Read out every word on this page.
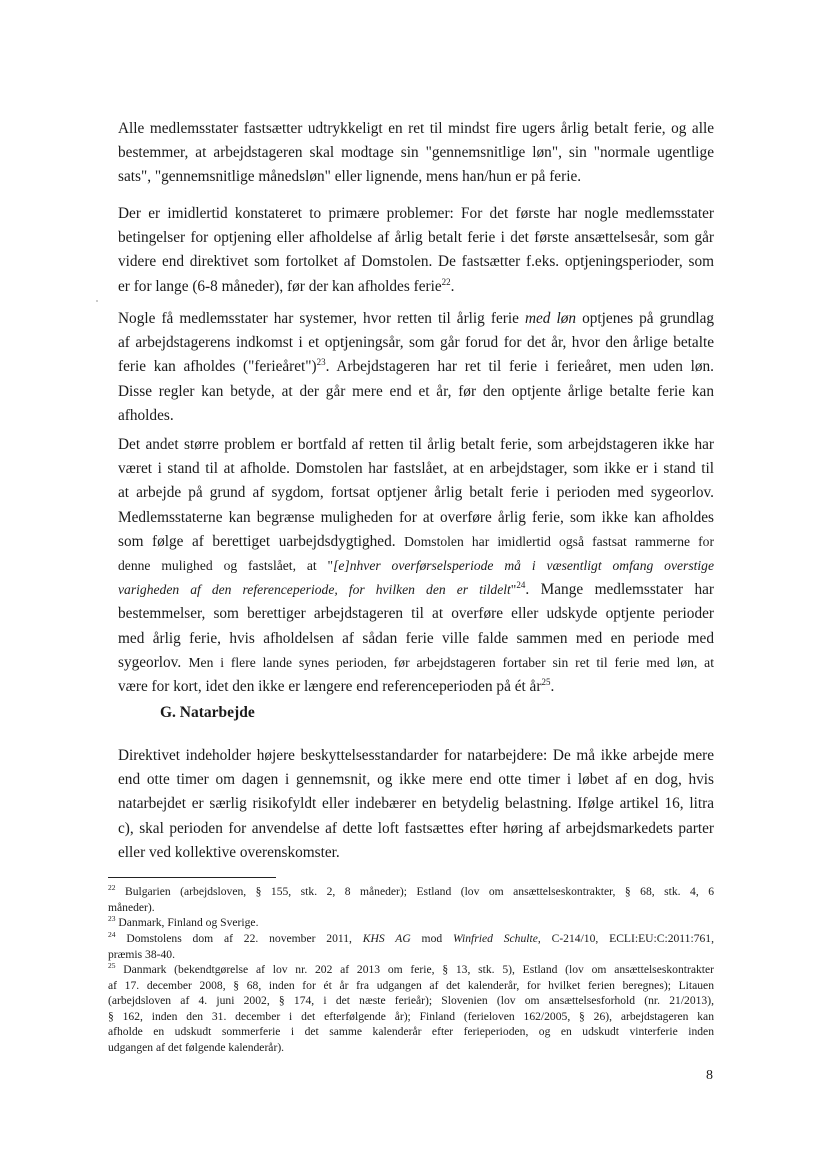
Alle medlemsstater fastsætter udtrykkeligt en ret til mindst fire ugers årlig betalt ferie, og alle
bestemmer, at arbejdstageren skal modtage sin "gennemsnitlige løn", sin "normale ugentlige
sats", "gennemsnitlige månedsløn" eller lignende, mens han/hun er på ferie.
Der er imidlertid konstateret to primære problemer: For det første har nogle medlemsstater
betingelser for optjening eller afholdelse af årlig betalt ferie i det første ansættelsesår, som går
videre end direktivet som fortolket af Domstolen. De fastsætter f.eks. optjeningsperioder, som
er for lange (6-8 måneder), før der kan afholdes ferie$^{22}$.
Nogle få medlemsstater har systemer, hvor retten til årlig ferie med løn optjenes på grundlag
af arbejdstagerens indkomst i et optjeningsår, som går forud for det år, hvor den årlige betalte
ferie kan afholdes ("ferieåret")$^{23}$. Arbejdstageren har ret til ferie i ferieåret, men uden løn.
Disse regler kan betyde, at der går mere end et år, før den optjente årlige betalte ferie kan
afholdes.
Det andet større problem er bortfald af retten til årlig betalt ferie, som arbejdstageren ikke har
været i stand til at afholde. Domstolen har fastslået, at en arbejdstager, som ikke er i stand til
at arbejde på grund af sygdom, fortsat optjener årlig betalt ferie i perioden med sygeorlov.
Medlemsstaterne kan begrænse muligheden for at overføre årlig ferie, som ikke kan afholdes
som følge af berettiget uarbejdsdygtighed. Domstolen har imidlertid også fastsat rammerne for
denne mulighed og fastslået, at "[e]nhver overførselsperiode må i væsentligt omfang overstige
varigheden af den referenceperiode, for hvilken den er tildelt"$^{24}$. Mange medlemsstater har
bestemmelser, som berettiger arbejdstageren til at overføre eller udskyde optjente perioder
med årlig ferie, hvis afholdelsen af sådan ferie ville falde sammen med en periode med
sygeorlov. Men i flere lande synes perioden, før arbejdstageren fortaber sin ret til ferie med løn, at
være for kort, idet den ikke er længere end referenceperioden på ét $år^{25}$.
G. Natarbejde
Direktivet indeholder højere beskyttelsesstandarder for natarbejdere: De må ikke arbejde mere
end otte timer om dagen i gennemsnit, og ikke mere end otte timer i løbet af en dog, hvis
natarbejdet er særlig risikofyldt eller indebærer en betydelig belastning. Ifølge artikel 16, litra
c), skal perioden for anvendelse af dette loft fastsættes efter høring af arbejdsmarkedets parter
eller ved kollektive overenskomster.
$^{22}$ Bulgarien (arbejdsloven, § 155, stk. 2, 8 måneder); Estland (lov om ansættelseskontrakter, § 68, stk. 4, 6
måneder).
$^{23}$ Danmark, Finland og Sverige.
$^{24}$ Domstolens dom af 22. november 2011, KHS AG mod Winfried Schulte, C-214/10, ECLI:EU:C:2011:761,
præmis 38-40.
$^{25}$ Danmark (bekendtgørelse af lov nr. 202 af 2013 om ferie, § 13, stk. 5), Estland (lov om ansættelseskontrakter
af 17. december 2008, § 68, inden for ét år fra udgangen af det kalenderår, for hvilket ferien beregnes); Litauen
(arbejdsloven af 4. juni 2002, § 174, i det næste ferieår); Slovenien (lov om ansættelsesforhold (nr. 21/2013),
§ 162, inden den 31. december i det efterfølgende år); Finland (ferieloven 162/2005, § 26), arbejdstageren kan
afholde en udskudt sommerferie i det samme kalenderår efter ferieperioden, og en udskudt vinterferie inden
udgangen af det følgende kalenderår).
8
